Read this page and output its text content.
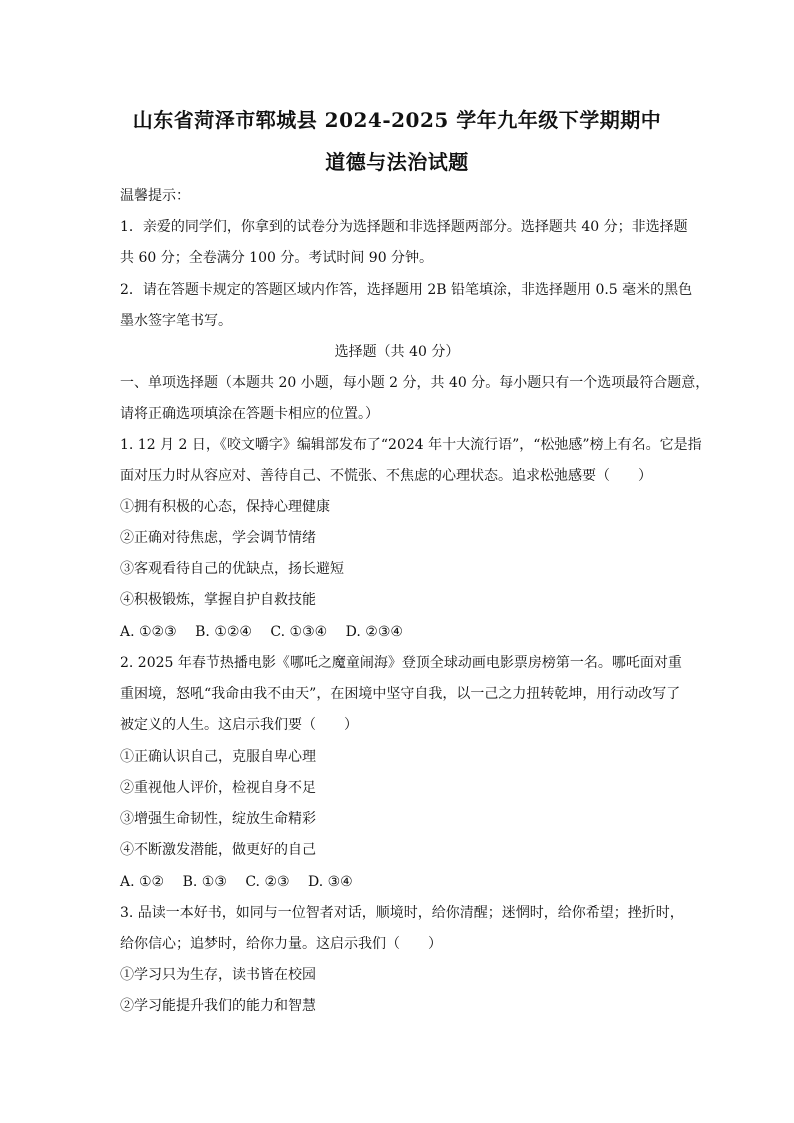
山东省菏泽市郓城县 2024-2025 学年九年级下学期期中
道德与法治试题
温馨提示：
1．亲爱的同学们，你拿到的试卷分为选择题和非选择题两部分。选择题共 40 分；非选择题
共 60 分；全卷满分 100 分。考试时间 90 分钟。
2．请在答题卡规定的答题区域内作答，选择题用 2B 铅笔填涂，非选择题用 0.5 毫米的黑色
墨水签字笔书写。
选择题（共 40 分）
一、单项选择题（本题共 20 小题，每小题 2 分，共 40 分。每小题只有一个选项最符合题意，
请将正确选项填涂在答题卡相应的位置。）
1. 12 月 2 日，《咬文嚼字》编辑部发布了“2024 年十大流行语”，“松弛感”榜上有名。它是指
面对压力时从容应对、善待自己、不慌张、不焦虑的心理状态。追求松弛感要（　　）
①拥有积极的心态，保持心理健康
②正确对待焦虑，学会调节情绪
③客观看待自己的优缺点，扬长避短
④积极锻炼，掌握自护自救技能
A. ①②③ B. ①②④ C. ①③④ D. ②③④
2. 2025 年春节热播电影《哪吒之魔童闹海》登顶全球动画电影票房榜第一名。哪吒面对重
重困境，怒吼“我命由我不由天”，在困境中坚守自我，以一己之力扭转乾坤，用行动改写了
被定义的人生。这启示我们要（　　）
①正确认识自己，克服自卑心理
②重视他人评价，检视自身不足
③增强生命韧性，绽放生命精彩
④不断激发潜能，做更好的自己
A. ①② B. ①③ C. ②③ D. ③④
3. 品读一本好书，如同与一位智者对话，顺境时，给你清醒；迷惘时，给你希望；挫折时，
给你信心；追梦时，给你力量。这启示我们（　　）
①学习只为生存，读书皆在校园
②学习能提升我们的能力和智慧
